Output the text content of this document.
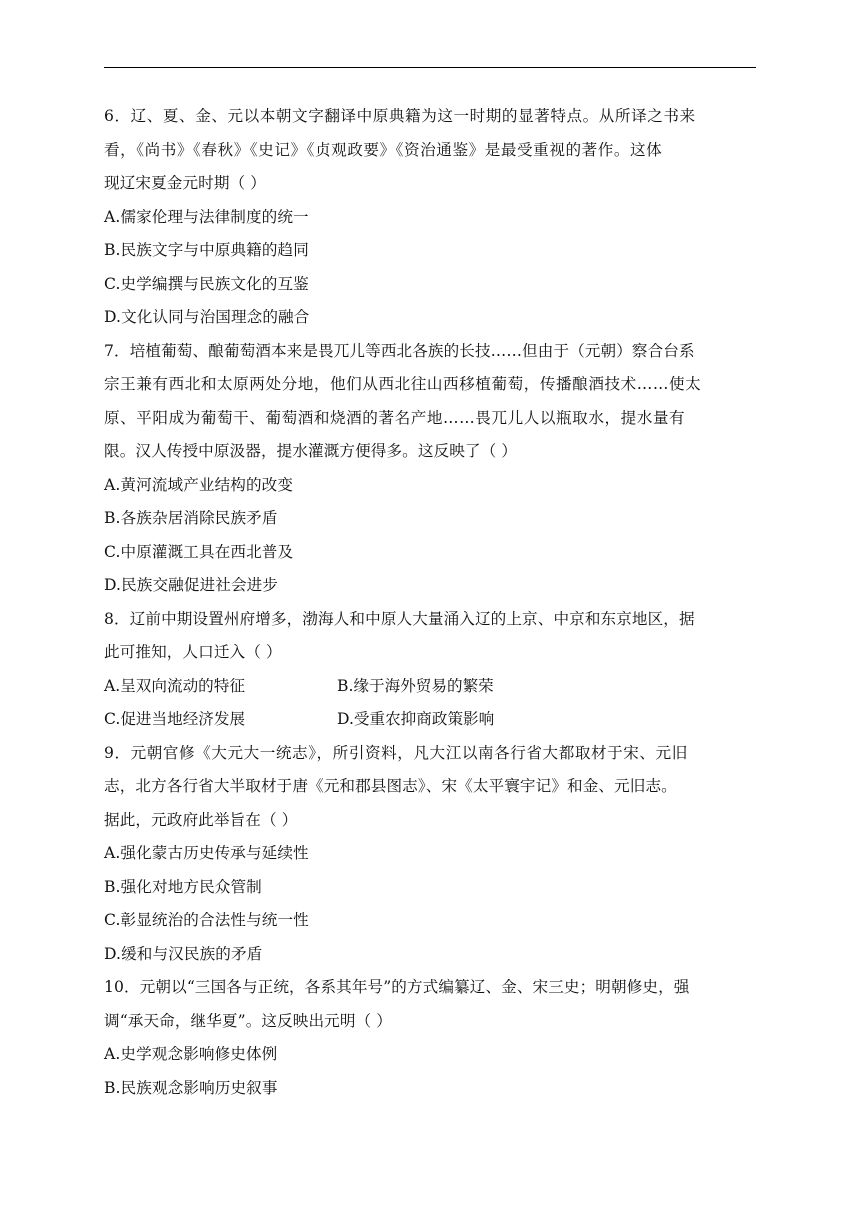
6．辽、夏、金、元以本朝文字翻译中原典籍为这一时期的显著特点。从所译之书来
看，《尚书》《春秋》《史记》《贞观政要》《资治通鉴》是最受重视的著作。这体
现辽宋夏金元时期（ ）
A.儒家伦理与法律制度的统一
B.民族文字与中原典籍的趋同
C.史学编撰与民族文化的互鉴
D.文化认同与治国理念的融合
7．培植葡萄、酿葡萄酒本来是畏兀儿等西北各族的长技……但由于（元朝）察合台系
宗王兼有西北和太原两处分地，他们从西北往山西移植葡萄，传播酿酒技术……使太
原、平阳成为葡萄干、葡萄酒和烧酒的著名产地……畏兀儿人以瓶取水，提水量有
限。汉人传授中原汲器，提水灌溉方便得多。这反映了（ ）
A.黄河流域产业结构的改变
B.各族杂居消除民族矛盾
C.中原灌溉工具在西北普及
D.民族交融促进社会进步
8．辽前中期设置州府增多，渤海人和中原人大量涌入辽的上京、中京和东京地区，据
此可推知，人口迁入（ ）
A.呈双向流动的特征	B.缘于海外贸易的繁荣
C.促进当地经济发展	D.受重农抑商政策影响
9．元朝官修《大元大一统志》，所引资料，凡大江以南各行省大都取材于宋、元旧
志，北方各行省大半取材于唐《元和郡县图志》、宋《太平寰宇记》和金、元旧志。
据此，元政府此举旨在（ ）
A.强化蒙古历史传承与延续性
B.强化对地方民众管制
C.彰显统治的合法性与统一性
D.缓和与汉民族的矛盾
10．元朝以“三国各与正统，各系其年号”的方式编纂辽、金、宋三史；明朝修史，强
调“承天命，继华夏”。这反映出元明（ ）
A.史学观念影响修史体例
B.民族观念影响历史叙事
